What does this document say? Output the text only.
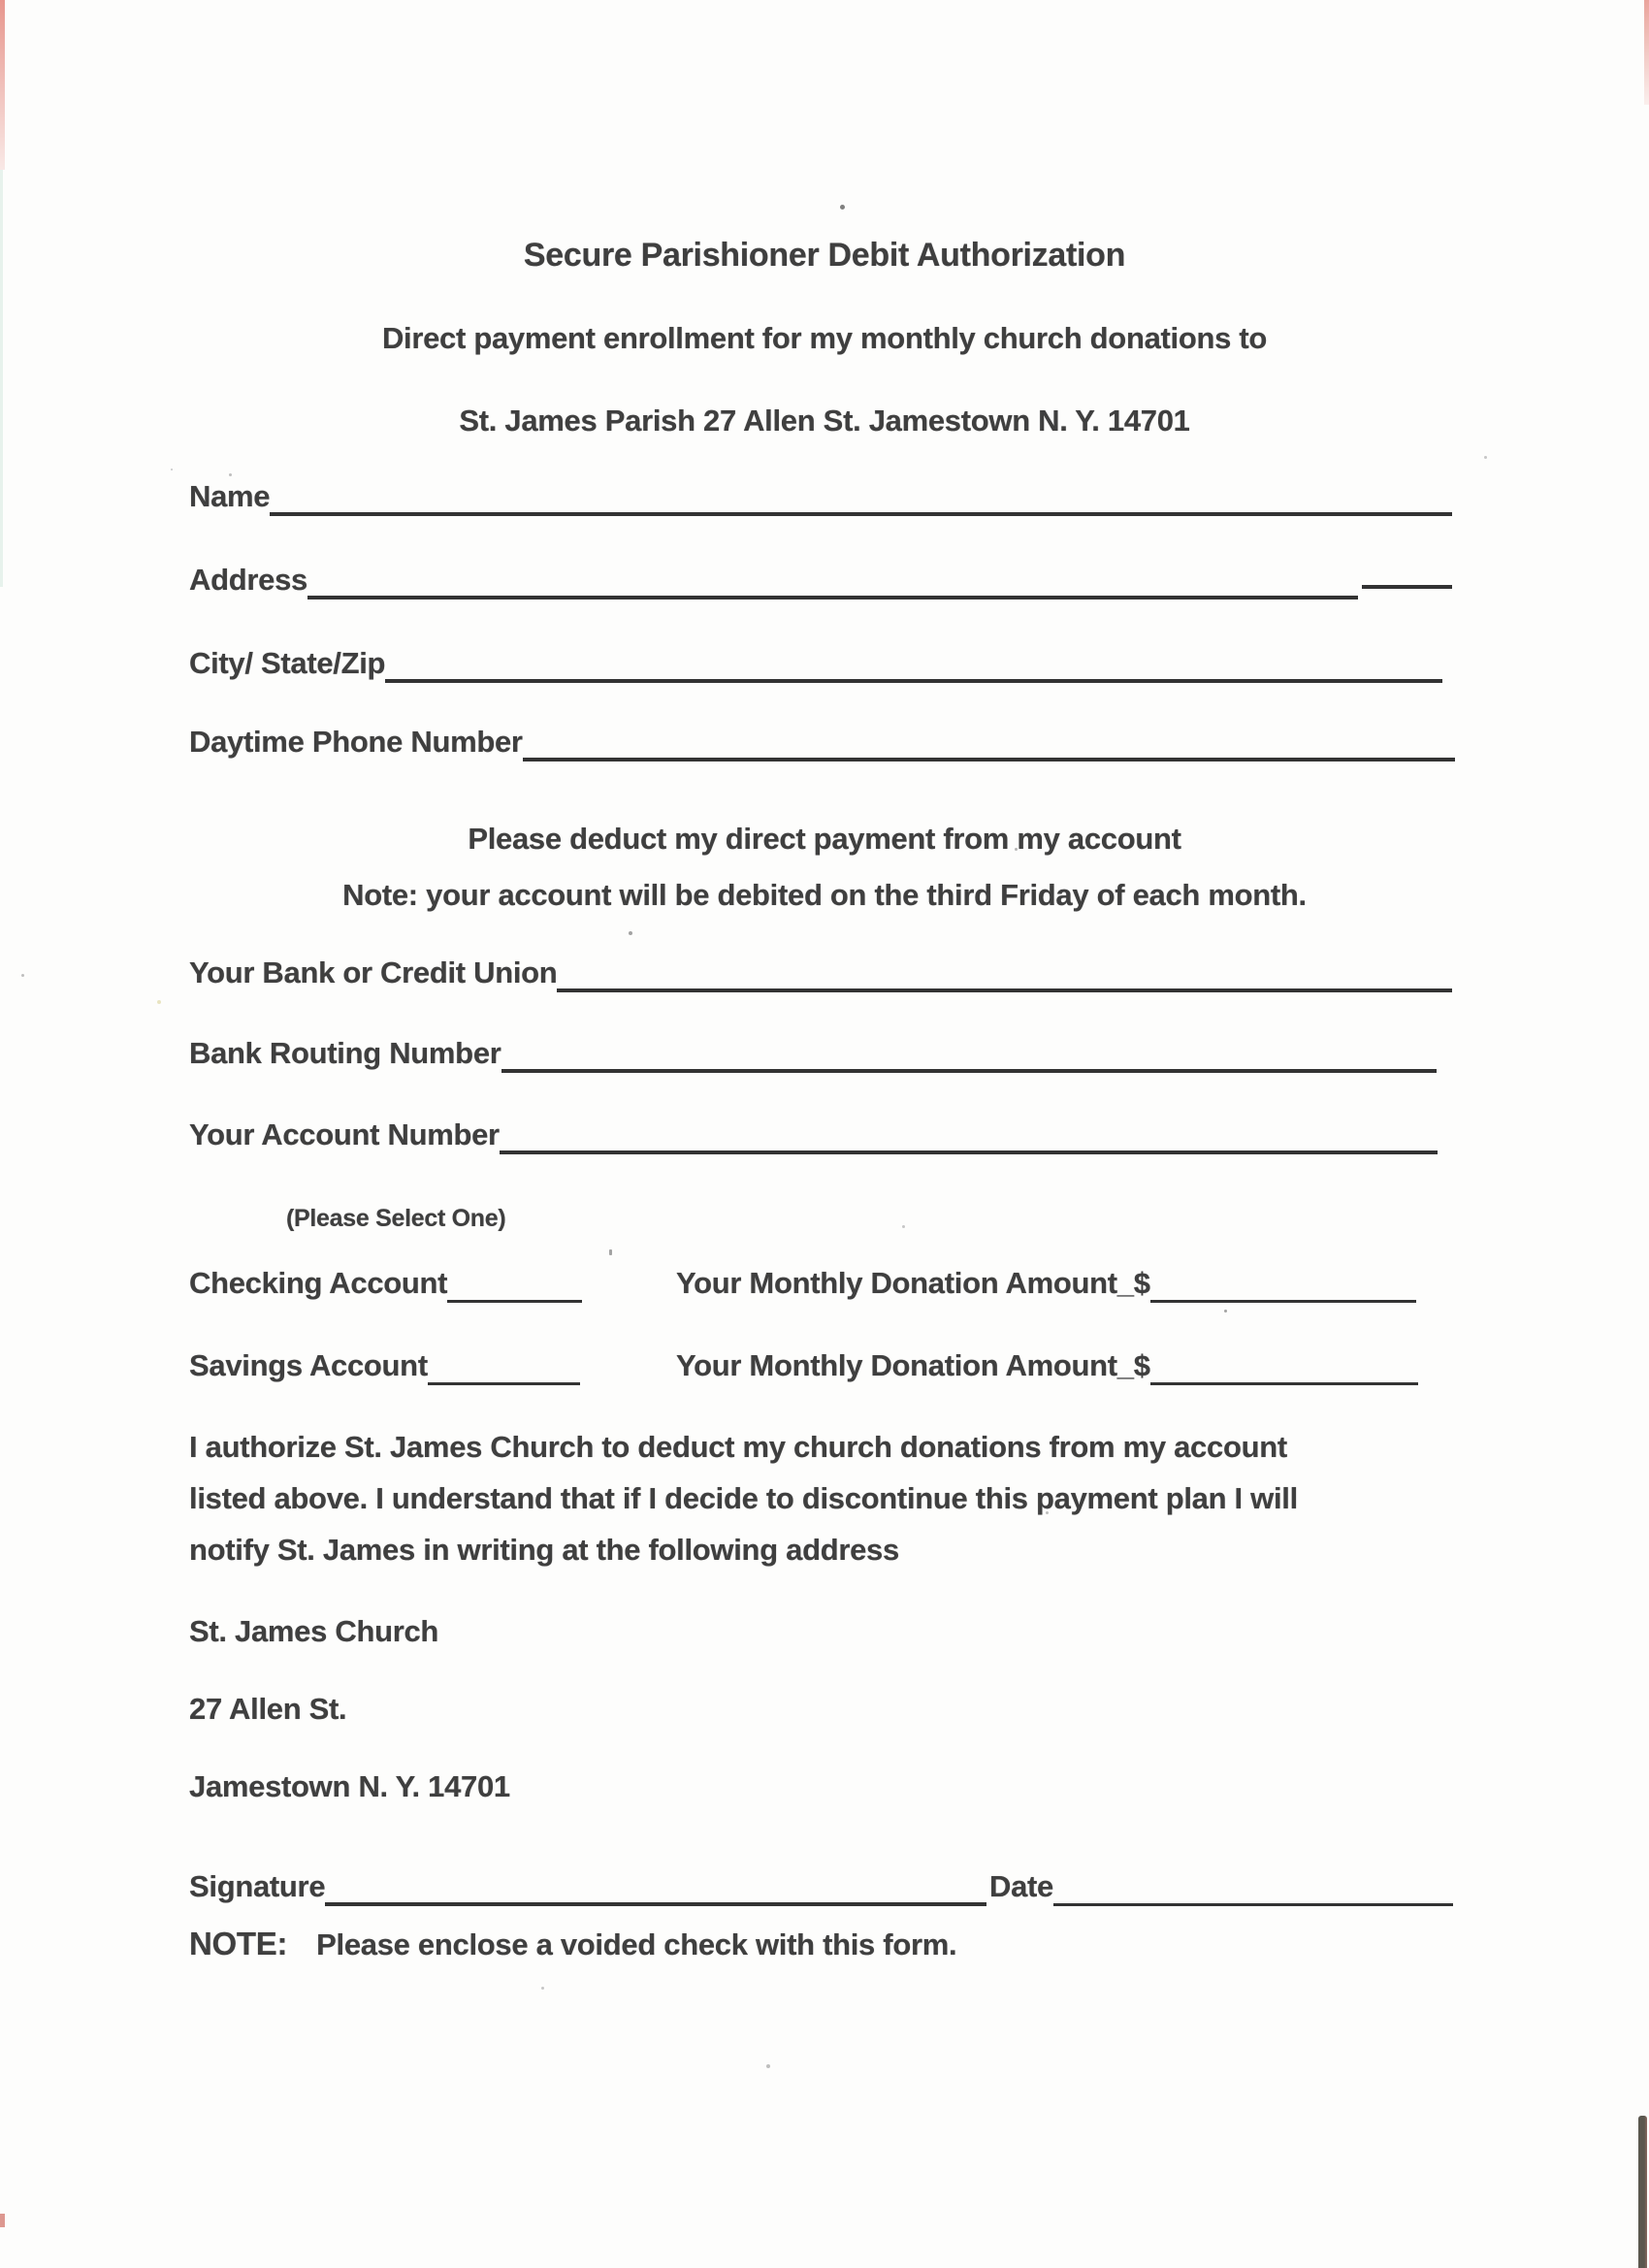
Secure Parishioner Debit Authorization
Direct payment enrollment for my monthly church donations to
St. James Parish 27 Allen St. Jamestown N. Y. 14701
Name
Address
City/ State/Zip
Daytime Phone Number
Please deduct my direct payment from my account
Note: your account will be debited on the third Friday of each month.
Your Bank or Credit Union
Bank Routing Number
Your Account Number
(Please Select One)
Checking Account	Your Monthly Donation Amount_$
Savings Account	Your Monthly Donation Amount_$
I authorize St. James Church to deduct my church donations from my account
listed above. I understand that if I decide to discontinue this payment plan I will
notify St. James in writing at the following address
St. James Church
27 Allen St.
Jamestown N. Y. 14701
Signature	Date
NOTE: Please enclose a voided check with this form.
